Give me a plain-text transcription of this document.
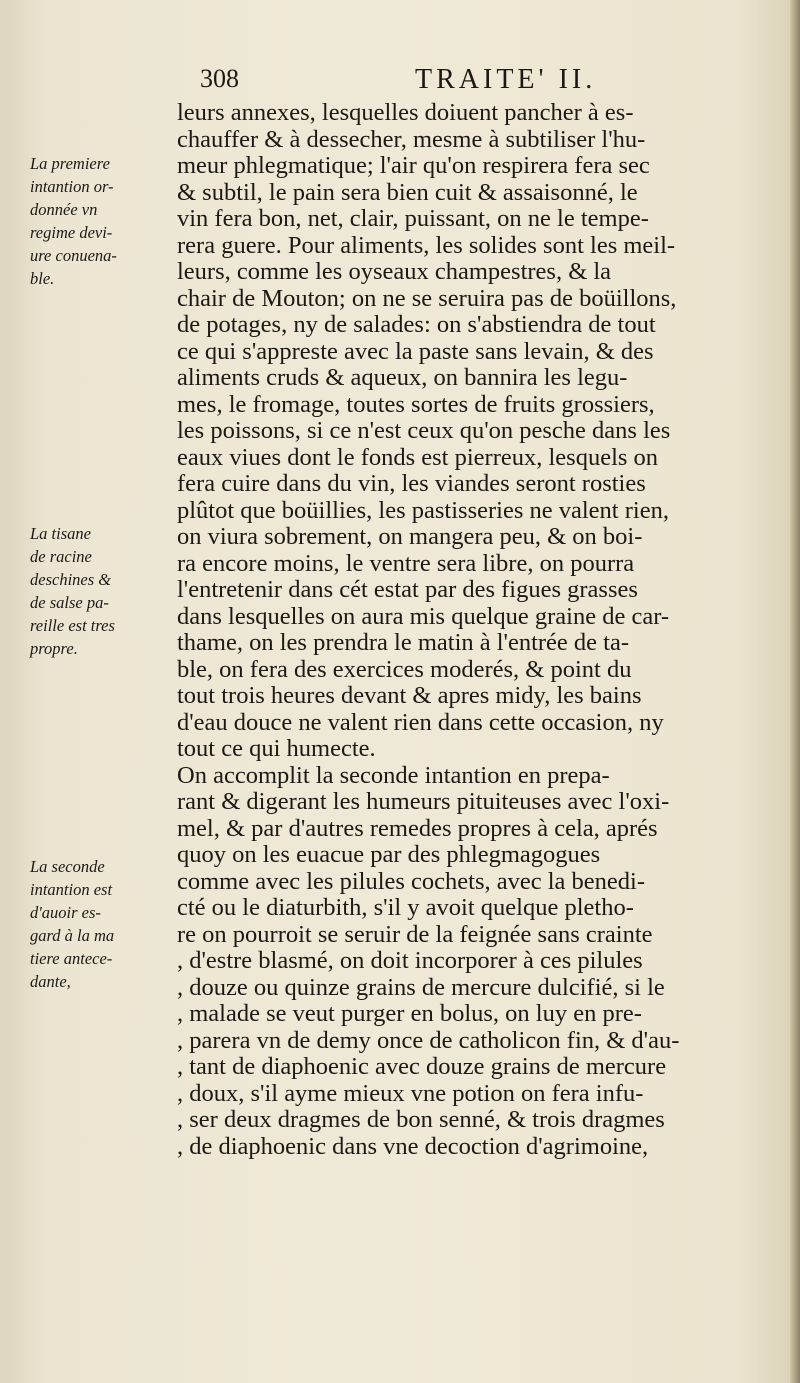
308	TRAITE' II.
La premiere
intantion or-
donnée vn
regime devi-
ure conuena-
ble.
La tisane
de racine
deschines &
de salse pa-
reille est tres
propre.
La seconde
intantion est
d'auoir es-
gard à la ma
tiere antece-
dante,
leurs annexes, lesquelles doiuent pancher à es-
chauffer & à dessecher, mesme à subtiliser l'hu-
meur phlegmatique; l'air qu'on respirera fera sec
& subtil, le pain sera bien cuit & assaisonné, le
vin fera bon, net, clair, puissant, on ne le tempe-
rera guere. Pour aliments, les solides sont les meil-
leurs, comme les oyseaux champestres, & la
chair de Mouton; on ne se seruira pas de boüillons,
de potages, ny de salades: on s'abstiendra de tout
ce qui s'appreste avec la paste sans levain, & des
aliments cruds & aqueux, on bannira les legu-
mes, le fromage, toutes sortes de fruits grossiers,
les poissons, si ce n'est ceux qu'on pesche dans les
eaux viues dont le fonds est pierreux, lesquels on
fera cuire dans du vin, les viandes seront rosties
plûtot que boüillies, les pastisseries ne valent rien,
on viura sobrement, on mangera peu, & on boi-
ra encore moins, le ventre sera libre, on pourra
l'entretenir dans cét estat par des figues grasses
dans lesquelles on aura mis quelque graine de car-
thame, on les prendra le matin à l'entrée de ta-
ble, on fera des exercices moderés, & point du
tout trois heures devant & apres midy, les bains
d'eau douce ne valent rien dans cette occasion, ny
tout ce qui humecte.
On accomplit la seconde intantion en prepa-
rant & digerant les humeurs pituiteuses avec l'oxi-
mel, & par d'autres remedes propres à cela, aprés
quoy on les euacue par des phlegmagogues
comme avec les pilules cochets, avec la benedi-
cté ou le diaturbith, s'il y avoit quelque pletho-
re on pourroit se seruir de la feignée sans crainte
, d'estre blasmé, on doit incorporer à ces pilules
, douze ou quinze grains de mercure dulcifié, si le
, malade se veut purger en bolus, on luy en pre-
, parera vn de demy once de catholicon fin, & d'au-
, tant de diaphoenic avec douze grains de mercure
, doux, s'il ayme mieux vne potion on fera infu-
, ser deux dragmes de bon senné, & trois dragmes
, de diaphoenic dans vne decoction d'agrimoine,
